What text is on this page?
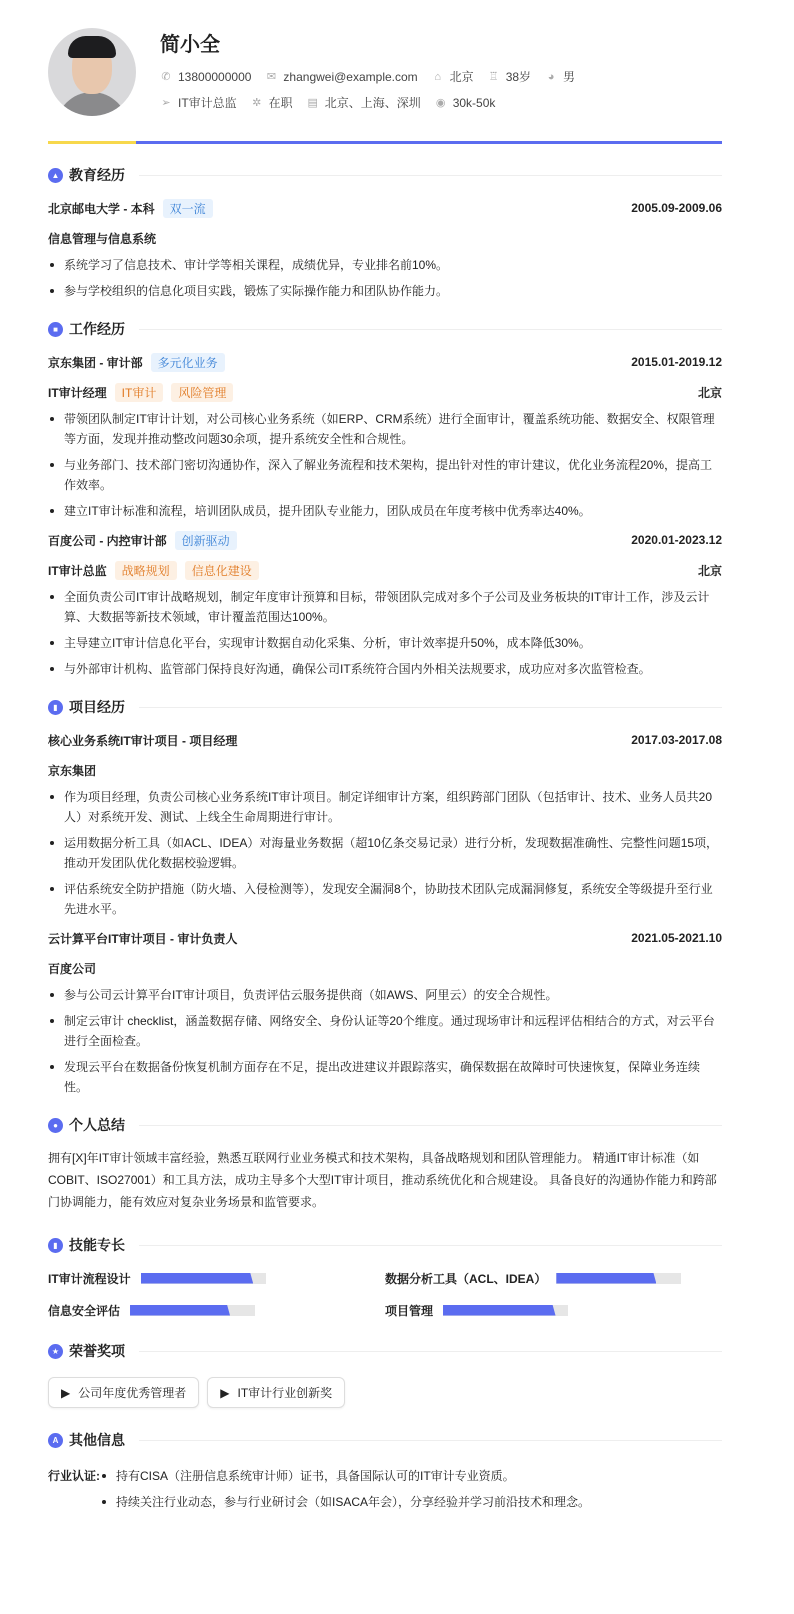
简小全
✆ 13800000000 ✉ zhangwei@example.com ⌂ 北京 ♖ 38岁 ◕ 男
➢ IT审计总监 ✲ 在职 ▤ 北京、上海、深圳 ◉ 30k-50k
▲ 教育经历
北京邮电大学 - 本科	双一流	2005.09-2009.06
信息管理与信息系统
系统学习了信息技术、审计学等相关课程，成绩优异，专业排名前10%。
参与学校组织的信息化项目实践，锻炼了实际操作能力和团队协作能力。
■ 工作经历
京东集团 - 审计部	多元化业务	2015.01-2019.12
IT审计经理	IT审计	风险管理	北京
带领团队制定IT审计计划，对公司核心业务系统（如ERP、CRM系统）进行全面审计，覆盖系统功能、数据安全、权限管理等方面，发现并推动整改问题30余项，提升系统安全性和合规性。
与业务部门、技术部门密切沟通协作，深入了解业务流程和技术架构，提出针对性的审计建议，优化业务流程20%，提高工作效率。
建立IT审计标准和流程，培训团队成员，提升团队专业能力，团队成员在年度考核中优秀率达40%。
百度公司 - 内控审计部	创新驱动	2020.01-2023.12
IT审计总监	战略规划	信息化建设	北京
全面负责公司IT审计战略规划，制定年度审计预算和目标，带领团队完成对多个子公司及业务板块的IT审计工作，涉及云计算、大数据等新技术领域，审计覆盖范围达100%。
主导建立IT审计信息化平台，实现审计数据自动化采集、分析，审计效率提升50%，成本降低30%。
与外部审计机构、监管部门保持良好沟通，确保公司IT系统符合国内外相关法规要求，成功应对多次监管检查。
▮ 项目经历
核心业务系统IT审计项目 - 项目经理	2017.03-2017.08
京东集团
作为项目经理，负责公司核心业务系统IT审计项目。制定详细审计方案，组织跨部门团队（包括审计、技术、业务人员共20人）对系统开发、测试、上线全生命周期进行审计。
运用数据分析工具（如ACL、IDEA）对海量业务数据（超10亿条交易记录）进行分析，发现数据准确性、完整性问题15项，推动开发团队优化数据校验逻辑。
评估系统安全防护措施（防火墙、入侵检测等），发现安全漏洞8个，协助技术团队完成漏洞修复，系统安全等级提升至行业先进水平。
云计算平台IT审计项目 - 审计负责人	2021.05-2021.10
百度公司
参与公司云计算平台IT审计项目，负责评估云服务提供商（如AWS、阿里云）的安全合规性。
制定云审计 checklist，涵盖数据存储、网络安全、身份认证等20个维度。通过现场审计和远程评估相结合的方式，对云平台进行全面检查。
发现云平台在数据备份恢复机制方面存在不足，提出改进建议并跟踪落实，确保数据在故障时可快速恢复，保障业务连续性。
● 个人总结
拥有[X]年IT审计领域丰富经验，熟悉互联网行业业务模式和技术架构，具备战略规划和团队管理能力。 精通IT审计标准（如COBIT、ISO27001）和工具方法，成功主导多个大型IT审计项目，推动系统优化和合规建设。 具备良好的沟通协作能力和跨部门协调能力，能有效应对复杂业务场景和监管要求。
▮ 技能专长
IT审计流程设计	数据分析工具（ACL、IDEA）
信息安全评估	项目管理
★ 荣誉奖项
▶ 公司年度优秀管理者	▶ IT审计行业创新奖
A 其他信息
行业认证:	持有CISA（注册信息系统审计师）证书，具备国际认可的IT审计专业资质。
持续关注行业动态，参与行业研讨会（如ISACA年会），分享经验并学习前沿技术和理念。
